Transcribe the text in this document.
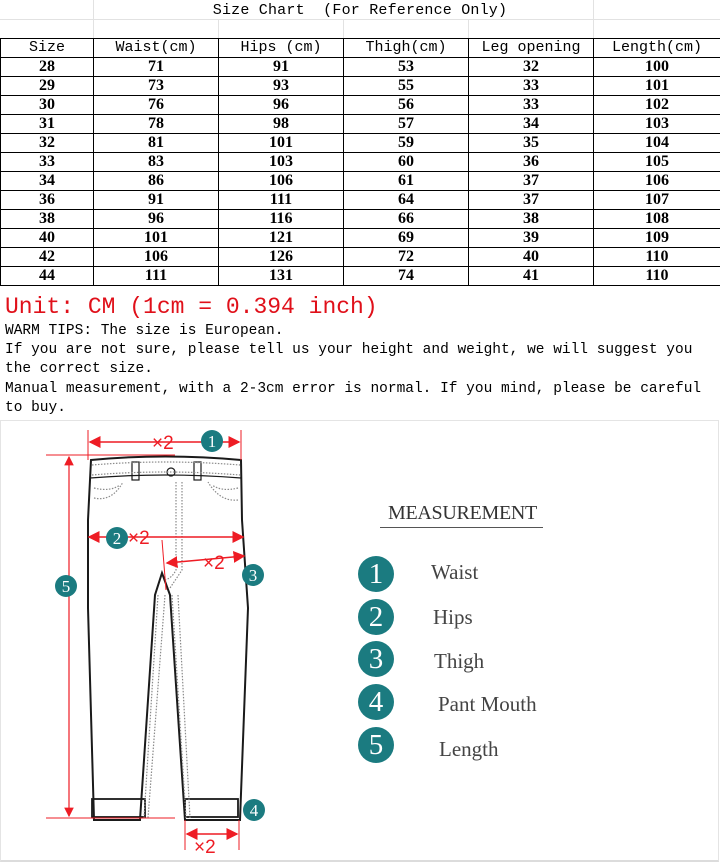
Size Chart  (For Reference Only)
Size	Waist(cm)	Hips (cm)	Thigh(cm)	Leg opening	Length(cm)
28	71	91	53	32	100
29	73	93	55	33	101
30	76	96	56	33	102
31	78	98	57	34	103
32	81	101	59	35	104
33	83	103	60	36	105
34	86	106	61	37	106
36	91	111	64	37	107
38	96	116	66	38	108
40	101	121	69	39	109
42	106	126	72	40	110
44	111	131	74	41	110
Unit: CM (1cm = 0.394 inch)
WARM TIPS: The size is European.
If you are not sure, please tell us your height and weight, we will suggest you the correct size.
Manual measurement, with a 2-3cm error is normal. If you mind, please be careful to buy.
×2
×2
×2
×2
1
2
3
4
5
MEASUREMENT
1	Waist
2	Hips
3	Thigh
4	Pant Mouth
5	Length
